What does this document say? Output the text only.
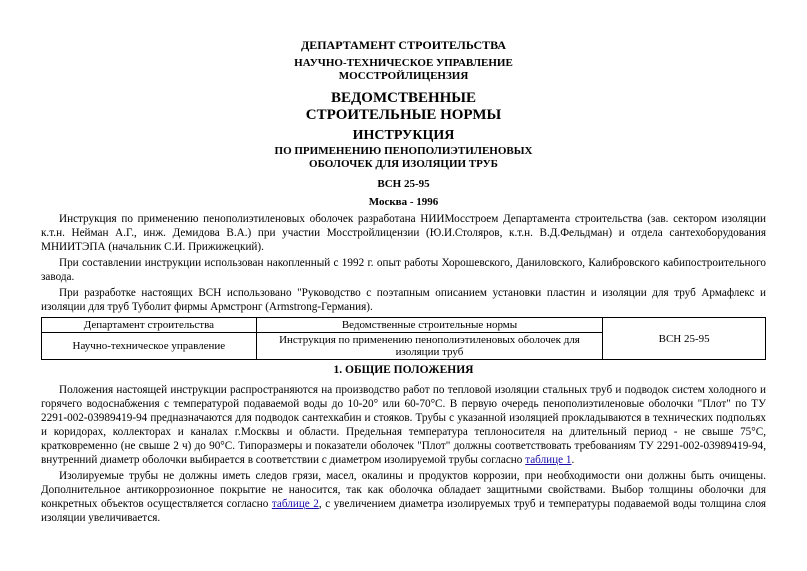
ДЕПАРТАМЕНТ СТРОИТЕЛЬСТВА
НАУЧНО-ТЕХНИЧЕСКОЕ УПРАВЛЕНИЕ
МОССТРОЙЛИЦЕНЗИЯ
ВЕДОМСТВЕННЫЕ
СТРОИТЕЛЬНЫЕ НОРМЫ
ИНСТРУКЦИЯ
ПО ПРИМЕНЕНИЮ ПЕНОПОЛИЭТИЛЕНОВЫХ
ОБОЛОЧЕК ДЛЯ ИЗОЛЯЦИИ ТРУБ
ВСН 25-95
Москва - 1996

Инструкция по применению пенополиэтиленовых оболочек разработана НИИМосстроем Департамента строительства (зав. сектором изоляции к.т.н. Нейман А.Г., инж. Демидова В.А.) при участии Мосстройлицензии (Ю.И.Столяров, к.т.н. В.Д.Фельдман) и отдела сантехоборудования МНИИТЭПА (начальник С.И. Прижижецкий).

При составлении инструкции использован накопленный с 1992 г. опыт работы Хорошевского, Даниловского, Калибровского кабипостроительного завода.

При разработке настоящих ВСН использовано "Руководство с поэтапным описанием установки пластин и изоляции для труб Армафлекс и изоляции для труб Туболит фирмы Армстронг (Armstrong-Германия).

Департамент строительства	Ведомственные строительные нормы	ВСН 25-95
Научно-техническое управление	Инструкция по применению пенополиэтиленовых оболочек для изоляции труб	
1. ОБЩИЕ ПОЛОЖЕНИЯ

Положения настоящей инструкции распространяются на производство работ по тепловой изоляции стальных труб и подводок систем холодного и горячего водоснабжения с температурой подаваемой воды до 10-20° или 60-70°С. В первую очередь пенополиэтиленовые оболочки "Плот" по ТУ 2291-002-03989419-94 предназначаются для подводок сантехкабин и стояков. Трубы с указанной изоляцией прокладываются в технических подпольях и коридорах, коллекторах и каналах г.Москвы и области. Предельная температура теплоносителя на длительный период - не свыше 75°С, кратковременно (не свыше 2 ч) до 90°С. Типоразмеры и показатели оболочек "Плот" должны соответствовать требованиям ТУ 2291-002-03989419-94, внутренний диаметр оболочки выбирается в соответствии с диаметром изолируемой трубы согласно таблице 1.

Изолируемые трубы не должны иметь следов грязи, масел, окалины и продуктов коррозии, при необходимости они должны быть очищены. Дополнительное антикоррозионное покрытие не наносится, так как оболочка обладает защитными свойствами. Выбор толщины оболочки для конкретных объектов осуществляется согласно таблице 2, с увеличением диаметра изолируемых труб и температуры подаваемой воды толщина слоя изоляции увеличивается.
